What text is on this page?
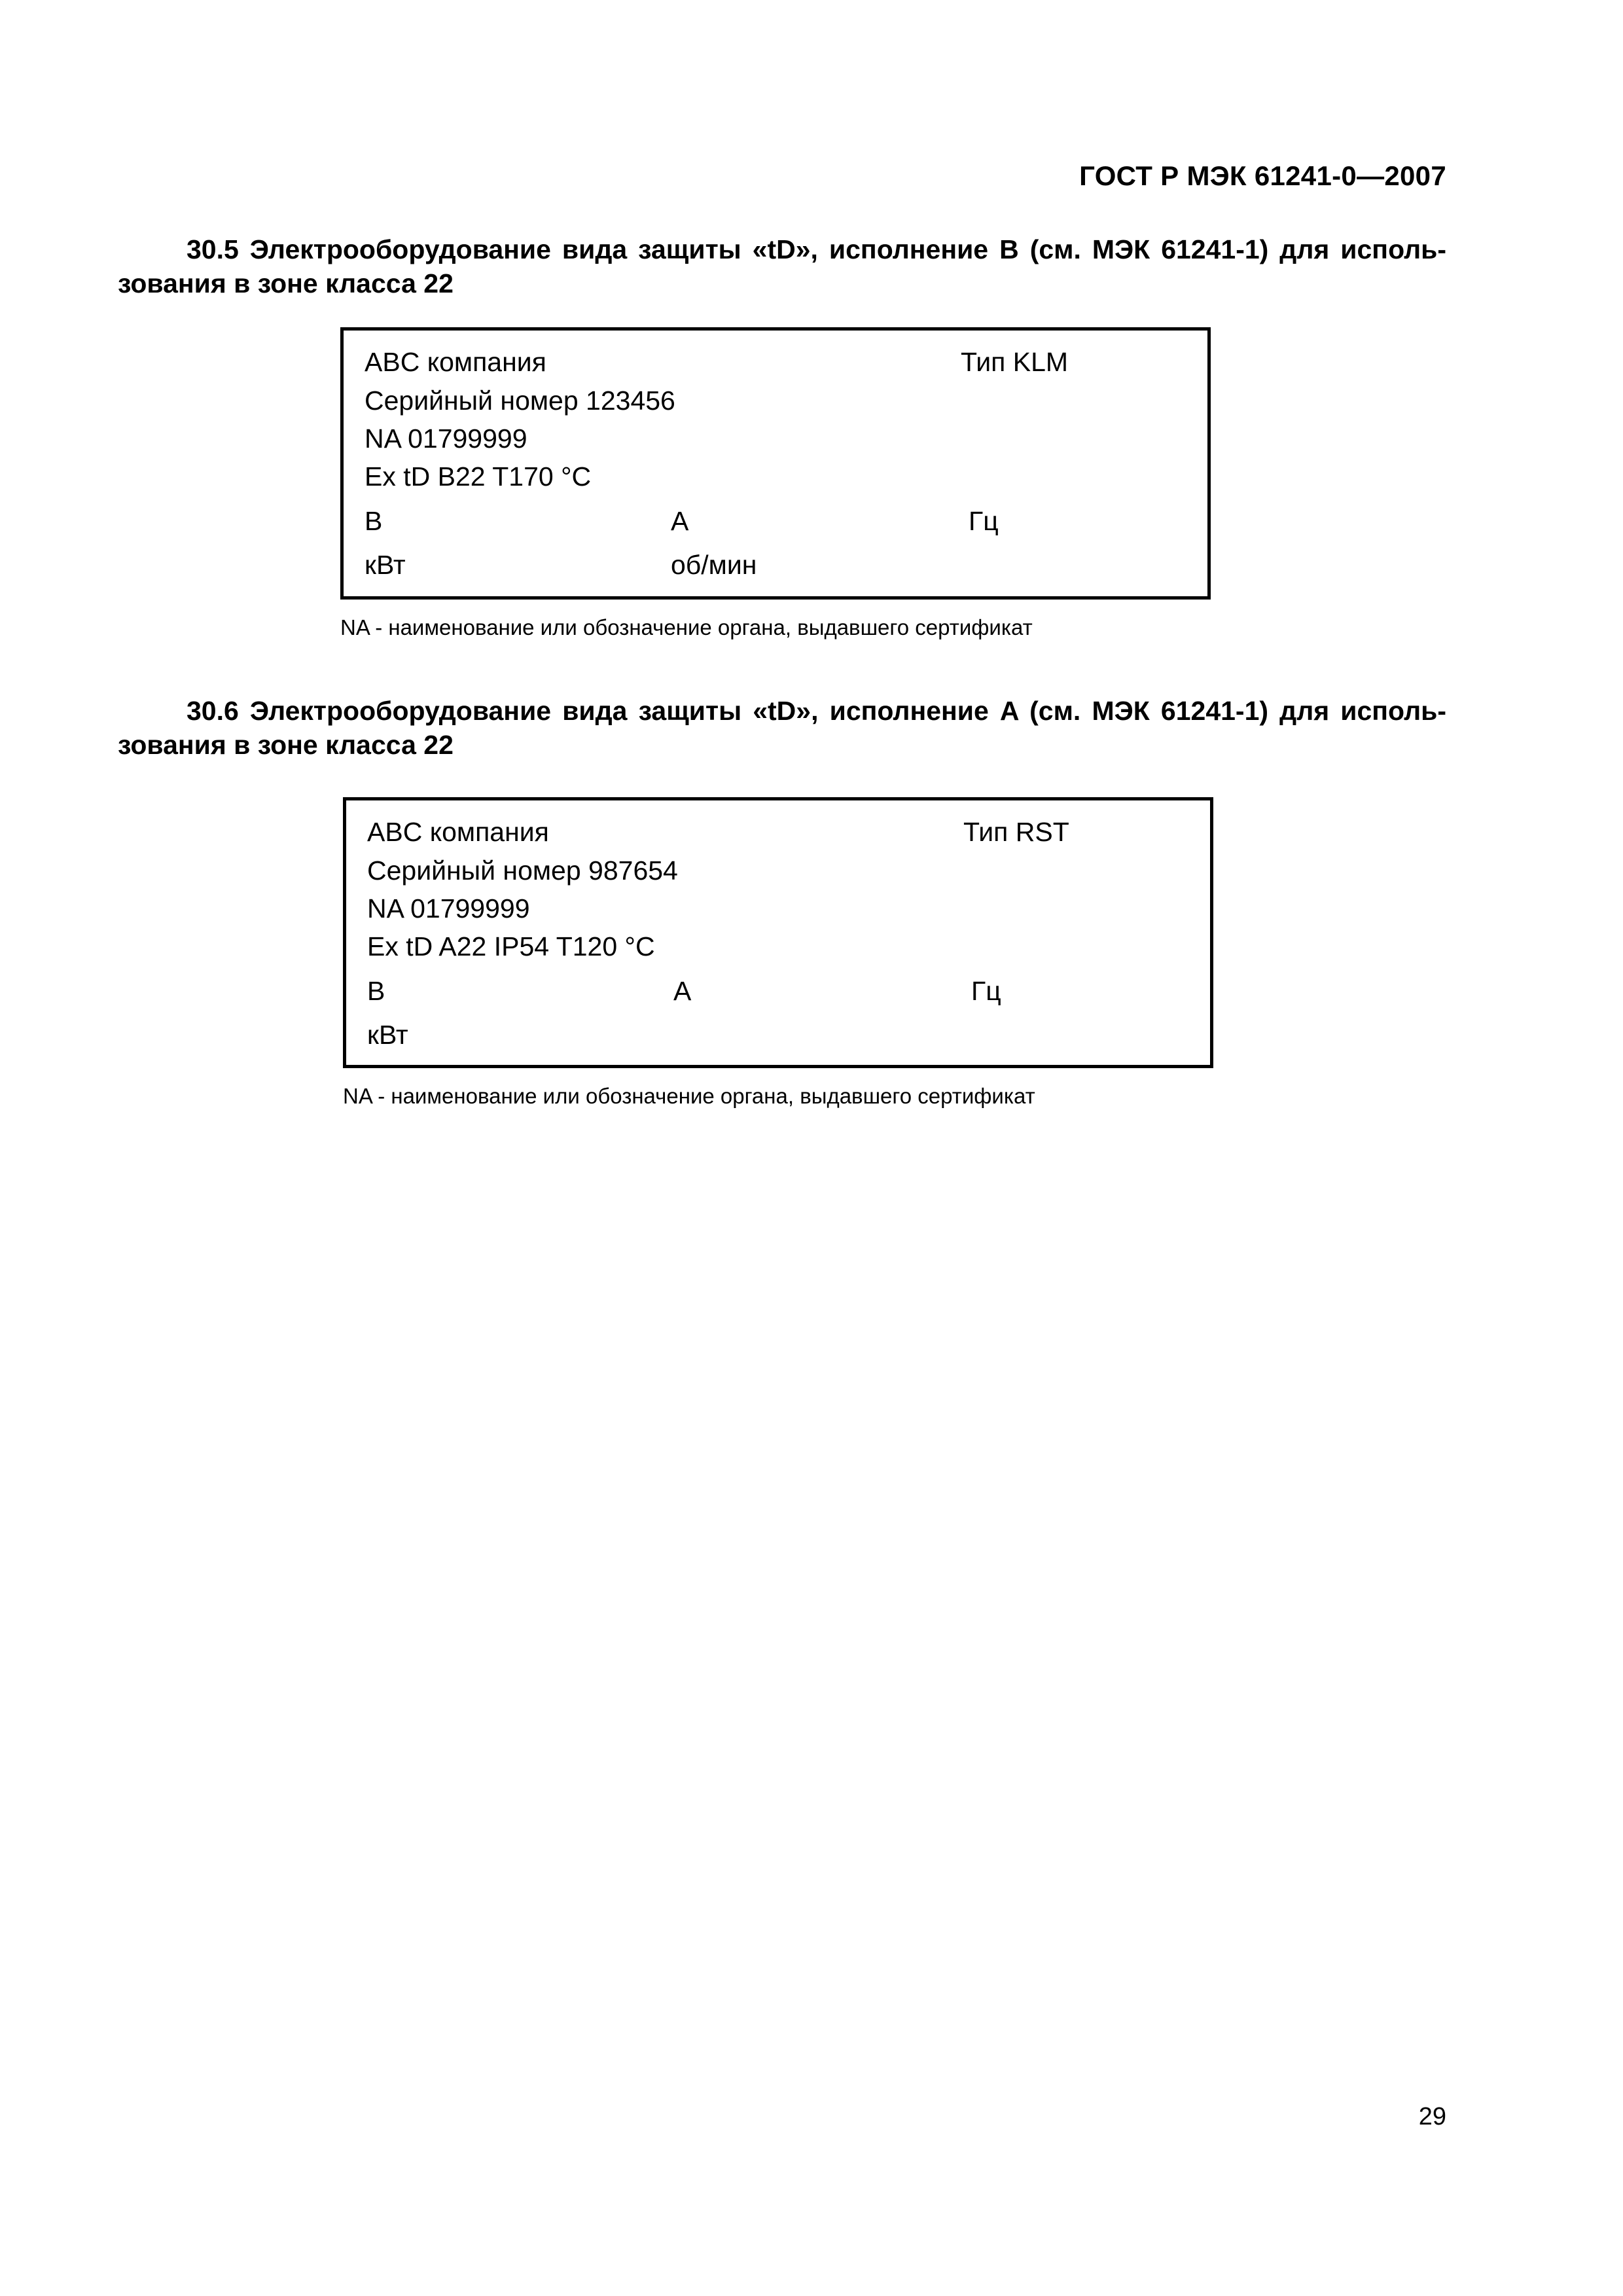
ГОСТ Р МЭК 61241-0—2007
30.5 Электрооборудование вида защиты «tD», исполнение B (см. МЭК 61241-1) для исполь-зования в зоне класса 22
ABC компания	Тип KLM
Серийный номер 123456
NA 01799999
Ex tD B22 T170 °C
B	A	Гц
кВт	об/мин
NA - наименование или обозначение органа, выдавшего сертификат
30.6 Электрооборудование вида защиты «tD», исполнение A (см. МЭК 61241-1) для исполь-зования в зоне класса 22
ABC компания	Тип RST
Серийный номер 987654
NA 01799999
Ex tD A22 IP54 T120 °C
B	A	Гц
кВт
NA - наименование или обозначение органа, выдавшего сертификат
29
